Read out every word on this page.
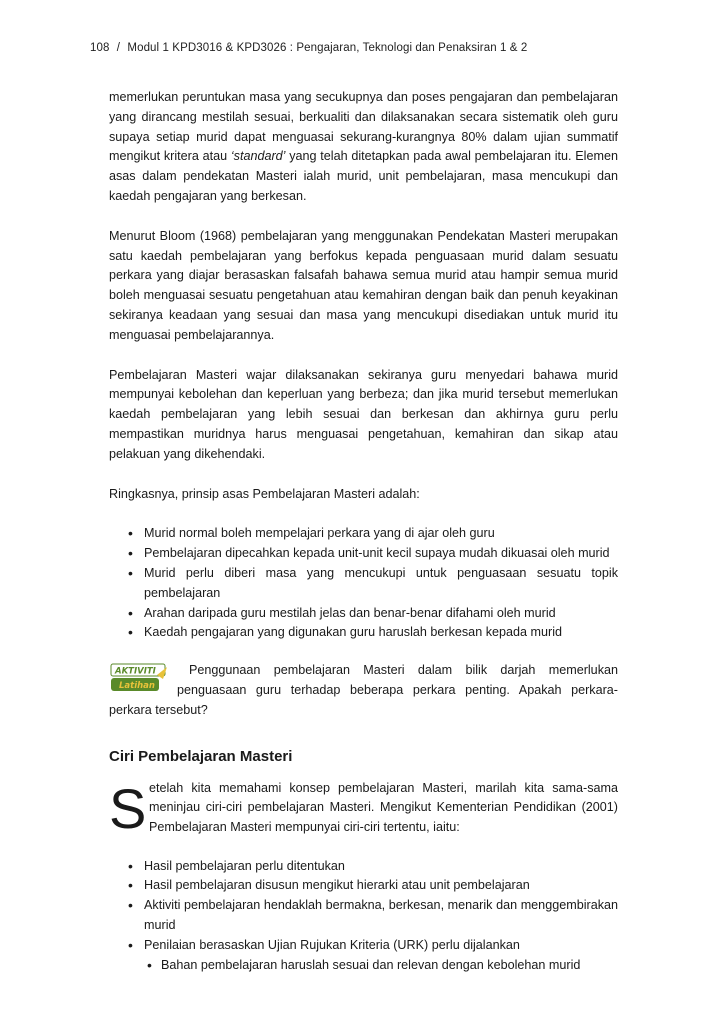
108 / Modul 1 KPD3016 & KPD3026 : Pengajaran, Teknologi dan Penaksiran 1 & 2

memerlukan peruntukan masa yang secukupnya dan poses pengajaran dan pembelajaran yang dirancang mestilah sesuai, berkualiti dan dilaksanakan secara sistematik oleh guru supaya setiap murid dapat menguasai sekurang-kurangnya 80% dalam ujian summatif mengikut kritera atau ‘standard’ yang telah ditetapkan pada awal pembelajaran itu. Elemen asas dalam pendekatan Masteri ialah murid, unit pembelajaran, masa mencukupi dan kaedah pengajaran yang berkesan.

Menurut Bloom (1968) pembelajaran yang menggunakan Pendekatan Masteri merupakan satu kaedah pembelajaran yang berfokus kepada penguasaan murid dalam sesuatu perkara yang diajar berasaskan falsafah bahawa semua murid atau hampir semua murid boleh menguasai sesuatu pengetahuan atau kemahiran dengan baik dan penuh keyakinan sekiranya keadaan yang sesuai dan masa yang mencukupi disediakan untuk murid itu menguasai pembelajarannya.

Pembelajaran Masteri wajar dilaksanakan sekiranya guru menyedari bahawa murid mempunyai kebolehan dan keperluan yang berbeza; dan jika murid tersebut memerlukan kaedah pembelajaran yang lebih sesuai dan berkesan dan akhirnya guru perlu mempastikan muridnya harus menguasai pengetahuan, kemahiran dan sikap atau pelakuan yang dikehendaki.

Ringkasnya, prinsip asas Pembelajaran Masteri adalah:

• Murid normal boleh mempelajari perkara yang di ajar oleh guru
• Pembelajaran dipecahkan kepada unit-unit kecil supaya mudah dikuasai oleh murid
• Murid perlu diberi masa yang mencukupi untuk penguasaan sesuatu topik pembelajaran
• Arahan daripada guru mestilah jelas dan benar-benar difahami oleh murid
• Kaedah pengajaran yang digunakan guru haruslah berkesan kepada murid
AKTIVITI
Latihan
Penggunaan pembelajaran Masteri dalam bilik darjah memerlukan penguasaan guru terhadap beberapa perkara penting. Apakah perkara-perkara tersebut?
Ciri Pembelajaran Masteri
S etelah kita memahami konsep pembelajaran Masteri, marilah kita sama-sama meninjau ciri-ciri pembelajaran Masteri. Mengikut Kementerian Pendidikan (2001) Pembelajaran Masteri mempunyai ciri-ciri tertentu, iaitu:

• Hasil pembelajaran perlu ditentukan
• Hasil pembelajaran disusun mengikut hierarki atau unit pembelajaran
• Aktiviti pembelajaran hendaklah bermakna, berkesan, menarik dan menggembirakan murid
• Penilaian berasaskan Ujian Rujukan Kriteria (URK) perlu dijalankan
• Bahan pembelajaran haruslah sesuai dan relevan dengan kebolehan murid
